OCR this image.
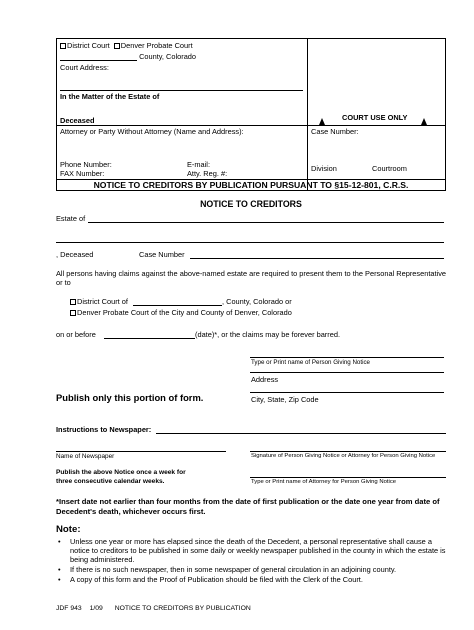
District Court Denver Probate Court
County, Colorado
Court Address:
In the Matter of the Estate of
Deceased	COURT USE ONLY
Attorney or Party Without Attorney (Name and Address):	Case Number:
Phone Number:	E-mail:
FAX Number:	Atty. Reg. #:
Division	Courtroom
NOTICE TO CREDITORS BY PUBLICATION PURSUANT TO §15-12-801, C.R.S.
NOTICE TO CREDITORS
Estate of
, Deceased	Case Number
All persons having claims against the above-named estate are required to present them to the Personal Representative or to
District Court of	, County, Colorado or
Denver Probate Court of the City and County of Denver, Colorado
on or before	(date)*, or the claims may be forever barred.
Type or Print name of Person Giving Notice
Address
Publish only this portion of form.	City, State, Zip Code
Instructions to Newspaper:
Name of Newspaper	Signature of Person Giving Notice or Attorney for Person Giving Notice
Publish the above Notice once a week for
three consecutive calendar weeks.	Type or Print name of Attorney for Person Giving Notice
*Insert date not earlier than four months from the date of first publication or the date one year from date of Decedent's death, whichever occurs first.
Note:
• Unless one year or more has elapsed since the death of the Decedent, a personal representative shall cause a notice to creditors to be published in some daily or weekly newspaper published in the county in which the estate is being administered.
• If there is no such newspaper, then in some newspaper of general circulation in an adjoining county.
• A copy of this form and the Proof of Publication should be filed with the Clerk of the Court.
JDF 943 1/09 NOTICE TO CREDITORS BY PUBLICATION
